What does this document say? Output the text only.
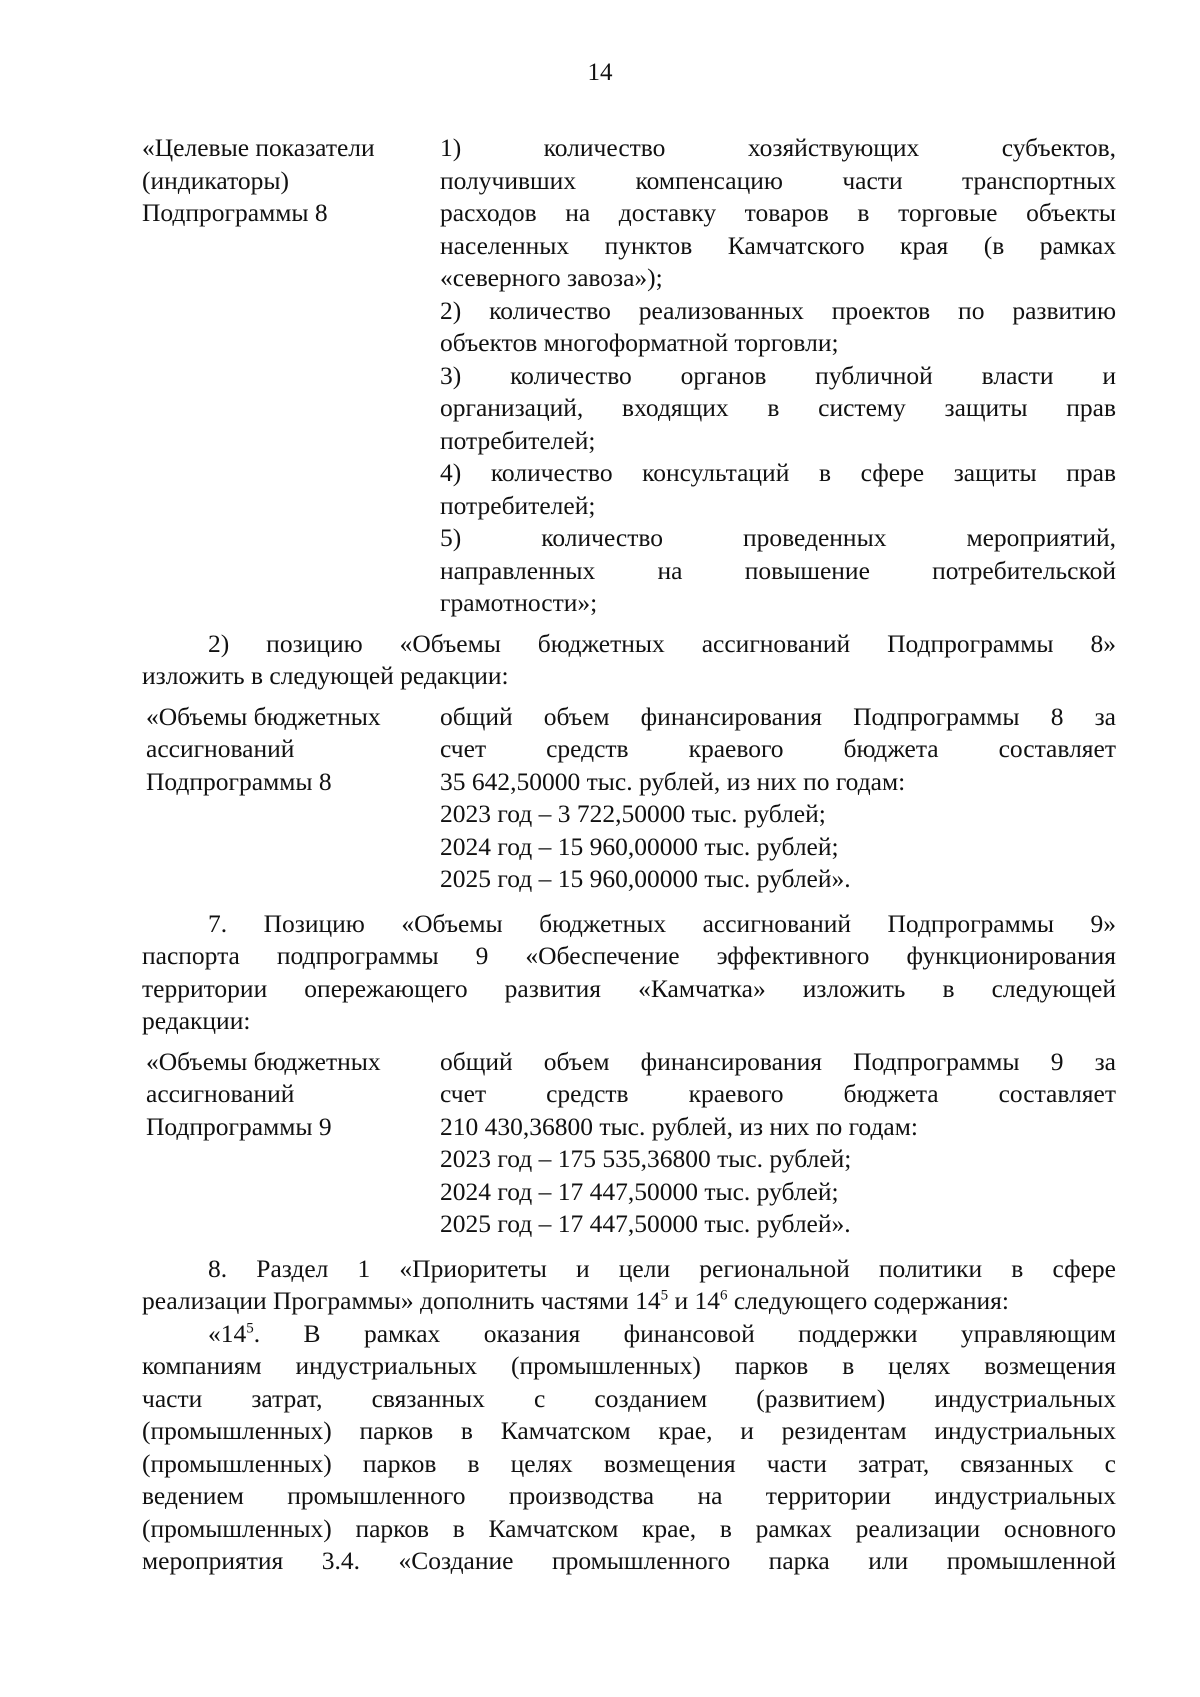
14
«Целевые показатели
(индикаторы)
Подпрограммы 8
1) количество хозяйствующих субъектов,
получивших компенсацию части транспортных
расходов на доставку товаров в торговые объекты
населенных пунктов Камчатского края (в рамках
«северного завоза»);
2) количество реализованных проектов по развитию
объектов многоформатной торговли;
3) количество органов публичной власти и
организаций, входящих в систему защиты прав
потребителей;
4) количество консультаций в сфере защиты прав
потребителей;
5) количество проведенных мероприятий,
направленных на повышение потребительской
грамотности»;
2) позицию «Объемы бюджетных ассигнований Подпрограммы 8»
изложить в следующей редакции:
«Объемы бюджетных
ассигнований
Подпрограммы 8
общий объем финансирования Подпрограммы 8 за
счет средств краевого бюджета составляет
35 642,50000 тыс. рублей, из них по годам:
2023 год – 3 722,50000 тыс. рублей;
2024 год – 15 960,00000 тыс. рублей;
2025 год – 15 960,00000 тыс. рублей».
7. Позицию «Объемы бюджетных ассигнований Подпрограммы 9»
паспорта подпрограммы 9 «Обеспечение эффективного функционирования
территории опережающего развития «Камчатка» изложить в следующей
редакции:
«Объемы бюджетных
ассигнований
Подпрограммы 9
общий объем финансирования Подпрограммы 9 за
счет средств краевого бюджета составляет
210 430,36800 тыс. рублей, из них по годам:
2023 год – 175 535,36800 тыс. рублей;
2024 год – 17 447,50000 тыс. рублей;
2025 год – 17 447,50000 тыс. рублей».
8. Раздел 1 «Приоритеты и цели региональной политики в сфере
реализации Программы» дополнить частями $14^5$ и $14^6$ следующего содержания:
«$14^5$. В рамках оказания финансовой поддержки управляющим
компаниям индустриальных (промышленных) парков в целях возмещения
части затрат, связанных с созданием (развитием) индустриальных
(промышленных) парков в Камчатском крае, и резидентам индустриальных
(промышленных) парков в целях возмещения части затрат, связанных с
ведением промышленного производства на территории индустриальных
(промышленных) парков в Камчатском крае, в рамках реализации основного
мероприятия 3.4. «Создание промышленного парка или промышленной
